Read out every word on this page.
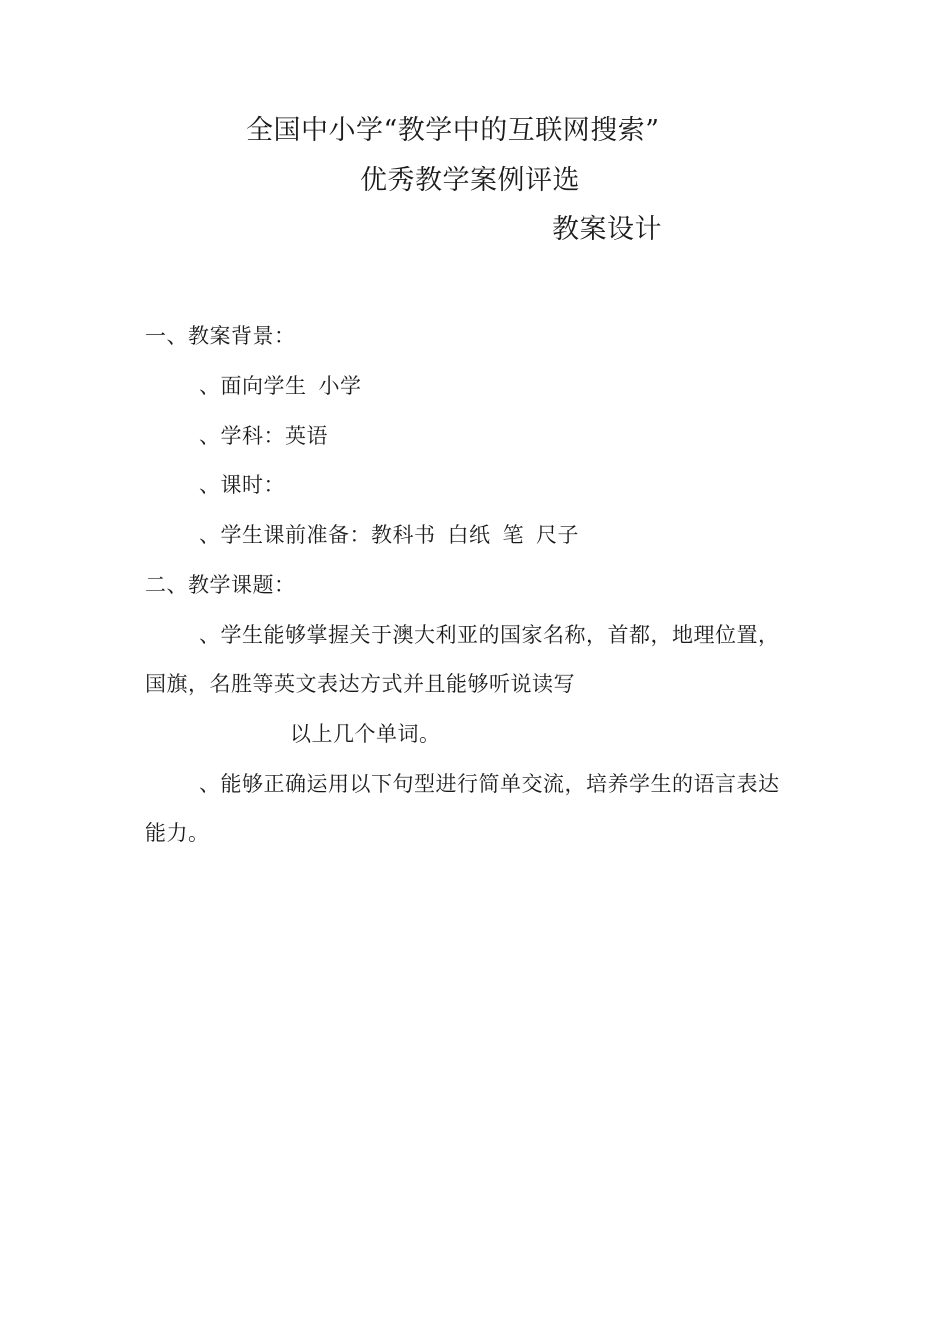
全国中小学“教学中的互联网搜索”
优秀教学案例评选
教案设计
一、教案背景：
、面向学生 小学
、学科：英语
、课时：
、学生课前准备：教科书 白纸 笔 尺子
二、教学课题：
、学生能够掌握关于澳大利亚的国家名称，首都，地理位置，
国旗，名胜等英文表达方式并且能够听说读写
以上几个单词。
、能够正确运用以下句型进行简单交流，培养学生的语言表达
能力。
